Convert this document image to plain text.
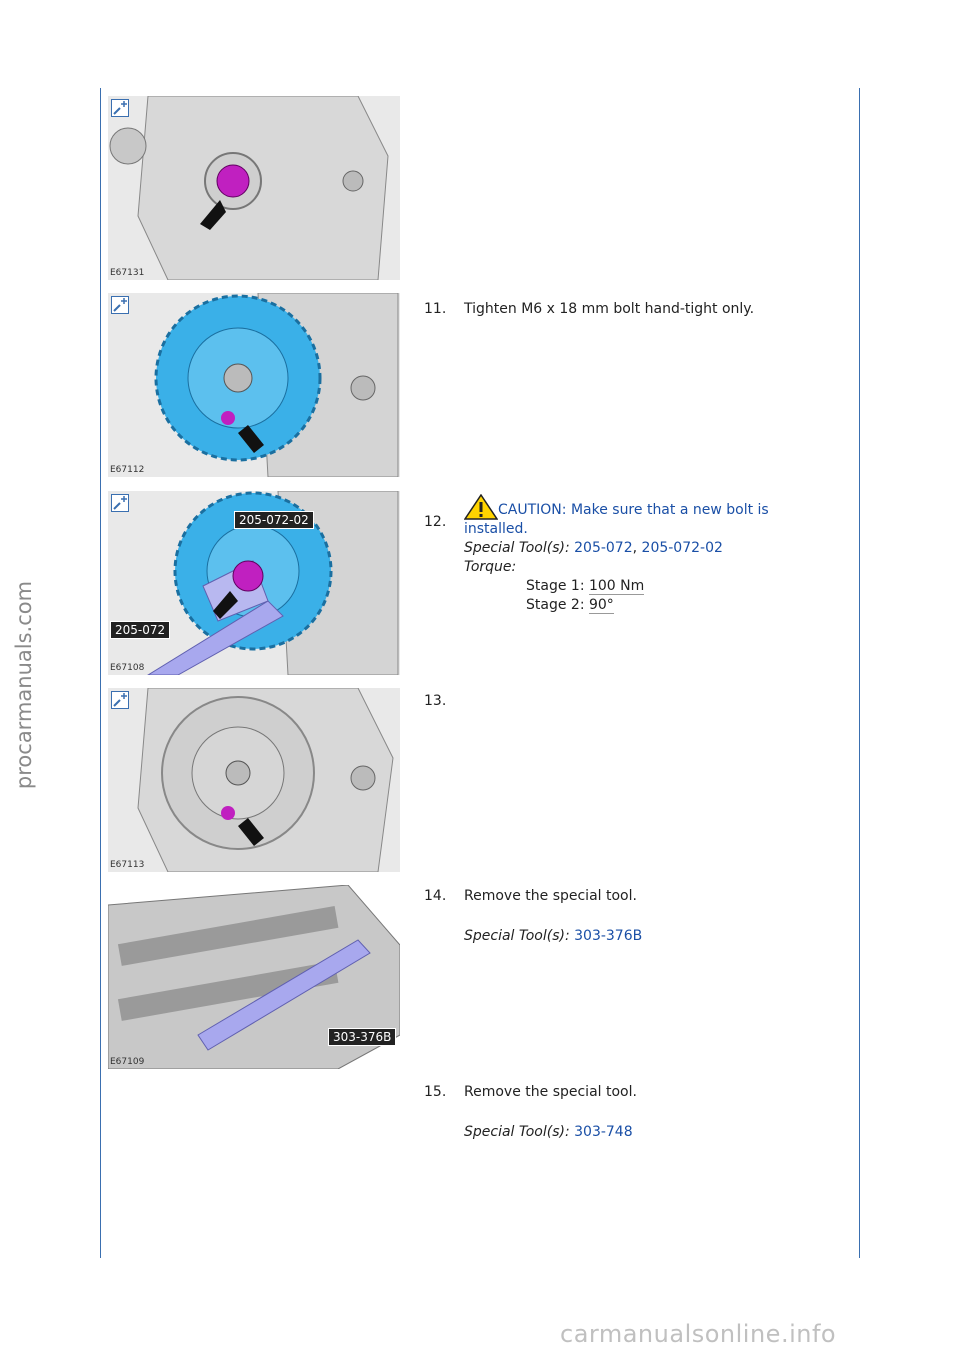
procarmanuals.com
carmanualsonline.info
E67131
E67112
205-072-02
205-072
E67108
E67113
303-376B
E67109
11.	Tighten M6 x 18 mm bolt hand-tight only.
12.
CAUTION: Make sure that a new bolt is installed.
Special Tool(s): 205-072, 205-072-02
Torque:
Stage 1: 100 Nm
Stage 2: 90°
13.
14.	Remove the special tool.
Special Tool(s): 303-376B
15.	Remove the special tool.
Special Tool(s): 303-748
